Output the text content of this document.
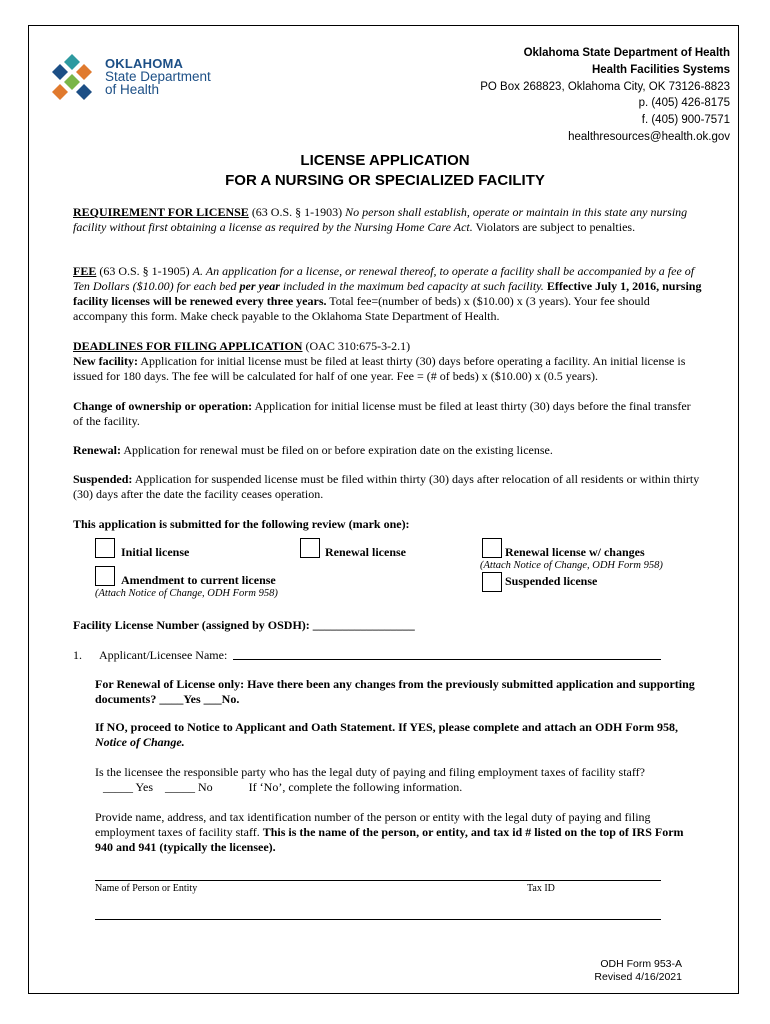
OKLAHOMA
State Department
of Health
Oklahoma State Department of Health
Health Facilities Systems
PO Box 268823, Oklahoma City, OK 73126-8823
p. (405) 426-8175
f. (405) 900-7571
healthresources@health.ok.gov
LICENSE APPLICATION
FOR A NURSING OR SPECIALIZED FACILITY
REQUIREMENT FOR LICENSE (63 O.S. § 1-1903) No person shall establish, operate or maintain in this state any nursing facility without first obtaining a license as required by the Nursing Home Care Act. Violators are subject to penalties.
FEE (63 O.S. § 1-1905) A. An application for a license, or renewal thereof, to operate a facility shall be accompanied by a fee of Ten Dollars ($10.00) for each bed per year included in the maximum bed capacity at such facility. Effective July 1, 2016, nursing facility licenses will be renewed every three years. Total fee=(number of beds) x ($10.00) x (3 years). Your fee should accompany this form. Make check payable to the Oklahoma State Department of Health.
DEADLINES FOR FILING APPLICATION (OAC 310:675-3-2.1)
New facility: Application for initial license must be filed at least thirty (30) days before operating a facility. An initial license is issued for 180 days. The fee will be calculated for half of one year. Fee = (# of beds) x ($10.00) x (0.5 years).
Change of ownership or operation: Application for initial license must be filed at least thirty (30) days before the final transfer of the facility.
Renewal: Application for renewal must be filed on or before expiration date on the existing license.
Suspended: Application for suspended license must be filed within thirty (30) days after relocation of all residents or within thirty (30) days after the date the facility ceases operation.
This application is submitted for the following review (mark one):
Initial license	Renewal license	Renewal license w/ changes
(Attach Notice of Change, ODH Form 958)
Amendment to current license
(Attach Notice of Change, ODH Form 958)
Suspended license
Facility License Number (assigned by OSDH): _________________
1. Applicant/Licensee Name:
For Renewal of License only: Have there been any changes from the previously submitted application and supporting documents? ____Yes ___No.
If NO, proceed to Notice to Applicant and Oath Statement. If YES, please complete and attach an ODH Form 958, Notice of Change.
Is the licensee the responsible party who has the legal duty of paying and filing employment taxes of facility staff?
_____ Yes    _____ No            If ‘No’, complete the following information.
Provide name, address, and tax identification number of the person or entity with the legal duty of paying and filing employment taxes of facility staff. This is the name of the person, or entity, and tax id # listed on the top of IRS Form 940 and 941 (typically the licensee).
Name of Person or Entity	Tax ID
ODH Form 953-A
Revised 4/16/2021
